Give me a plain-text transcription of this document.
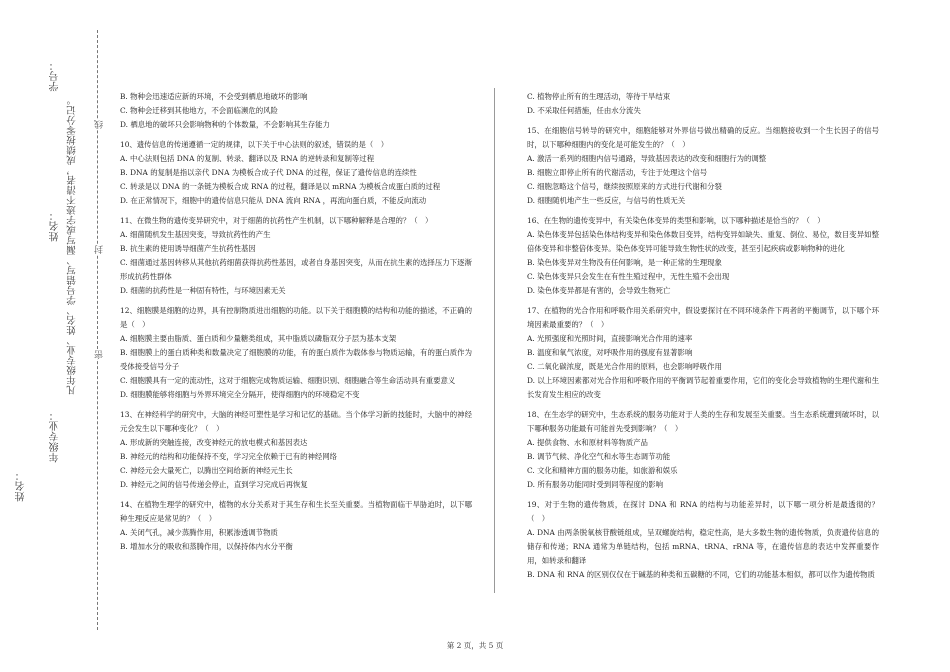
姓名：
姓名：
年级专业：
凡年级专业、姓名、学号错写、漏写或字迹不清者，成绩按零分记。
学号：
密
封
线

B. 物种会迅速适应新的环境，不会受到栖息地破坏的影响

C. 物种会迁移到其他地方，不会面临濒危的风险

D. 栖息地的破坏只会影响物种的个体数量，不会影响其生存能力

10、遗传信息的传递遵循一定的规律，以下关于中心法则的叙述，错误的是（　）

A. 中心法则包括 DNA 的复制、转录、翻译以及 RNA 的逆转录和复制等过程

B. DNA 的复制是指以亲代 DNA 为模板合成子代 DNA 的过程，保证了遗传信息的连续性

C. 转录是以 DNA 的一条链为模板合成 RNA 的过程，翻译是以 mRNA 为模板合成蛋白质的过程

D. 在正常情况下，细胞中的遗传信息只能从 DNA 流向 RNA ，再流向蛋白质，不能反向流动

11、在微生物的遗传变异研究中，对于细菌的抗药性产生机制，以下哪种解释是合理的？（　）

A. 细菌随机发生基因突变，导致抗药性的产生

B. 抗生素的使用诱导细菌产生抗药性基因

C. 细菌通过基因转移从其他抗药细菌获得抗药性基因，或者自身基因突变，从而在抗生素的选择压力下逐渐形成抗药性群体

D. 细菌的抗药性是一种固有特性，与环境因素无关

12、细胞膜是细胞的边界，具有控制物质进出细胞的功能。以下关于细胞膜的结构和功能的描述，不正确的是（　）

A. 细胞膜主要由脂质、蛋白质和少量糖类组成，其中脂质以磷脂双分子层为基本支架

B. 细胞膜上的蛋白质种类和数量决定了细胞膜的功能，有的蛋白质作为载体参与物质运输，有的蛋白质作为受体接受信号分子

C. 细胞膜具有一定的流动性，这对于细胞完成物质运输、细胞识别、细胞融合等生命活动具有重要意义

D. 细胞膜能够将细胞与外界环境完全分隔开，使得细胞内的环境稳定不变

13、在神经科学的研究中，大脑的神经可塑性是学习和记忆的基础。当个体学习新的技能时，大脑中的神经元会发生以下哪种变化？（　）

A. 形成新的突触连接，改变神经元的放电模式和基因表达

B. 神经元的结构和功能保持不变，学习完全依赖于已有的神经网络

C. 神经元会大量死亡，以腾出空间给新的神经元生长

D. 神经元之间的信号传递会停止，直到学习完成后再恢复

14、在植物生理学的研究中，植物的水分关系对于其生存和生长至关重要。当植物面临干旱胁迫时，以下哪种生理反应是常见的？（　）

A. 关闭气孔，减少蒸腾作用，积累渗透调节物质

B. 增加水分的吸收和蒸腾作用，以保持体内水分平衡

C. 植物停止所有的生理活动，等待干旱结束

D. 不采取任何措施，任由水分流失

15、在细胞信号转导的研究中，细胞能够对外界信号做出精确的反应。当细胞接收到一个生长因子的信号时，以下哪种细胞内的变化是可能发生的？（　）

A. 激活一系列的细胞内信号通路，导致基因表达的改变和细胞行为的调整

B. 细胞立即停止所有的代谢活动，专注于处理这个信号

C. 细胞忽略这个信号，继续按照原来的方式进行代谢和分裂

D. 细胞随机地产生一些反应，与信号的性质无关

16、在生物的遗传变异中，有关染色体变异的类型和影响，以下哪种描述是恰当的？（　）

A. 染色体变异包括染色体结构变异和染色体数目变异，结构变异如缺失、重复、倒位、易位，数目变异如整倍体变异和非整倍体变异。染色体变异可能导致生物性状的改变，甚至引起疾病或影响物种的进化

B. 染色体变异对生物没有任何影响，是一种正常的生理现象

C. 染色体变异只会发生在有性生殖过程中，无性生殖不会出现

D. 染色体变异都是有害的，会导致生物死亡

17、在植物的光合作用和呼吸作用关系研究中，假设要探讨在不同环境条件下两者的平衡调节，以下哪个环境因素最重要的？（　）

A. 光照强度和光照时间，直接影响光合作用的速率

B. 温度和氧气浓度，对呼吸作用的强度有显著影响

C. 二氧化碳浓度，既是光合作用的原料，也会影响呼吸作用

D. 以上环境因素都对光合作用和呼吸作用的平衡调节起着重要作用，它们的变化会导致植物的生理代谢和生长发育发生相应的改变

18、在生态学的研究中，生态系统的服务功能对于人类的生存和发展至关重要。当生态系统遭到破坏时，以下哪种服务功能最有可能首先受到影响？（　）

A. 提供食物、水和原材料等物质产品

B. 调节气候、净化空气和水等生态调节功能

C. 文化和精神方面的服务功能，如旅游和娱乐

D. 所有服务功能同时受到同等程度的影响

19、对于生物的遗传物质，在探讨 DNA 和 RNA 的结构与功能差异时，以下哪一项分析是最透彻的？（　）

A. DNA 由两条脱氧核苷酸链组成，呈双螺旋结构，稳定性高，是大多数生物的遗传物质，负责遗传信息的储存和传递；RNA 通常为单链结构，包括 mRNA、tRNA、rRNA 等，在遗传信息的表达中发挥重要作用，如转录和翻译

B. DNA 和 RNA 的区别仅仅在于碱基的种类和五碳糖的不同，它们的功能基本相似，都可以作为遗传物质

第 2 页，共 5 页
